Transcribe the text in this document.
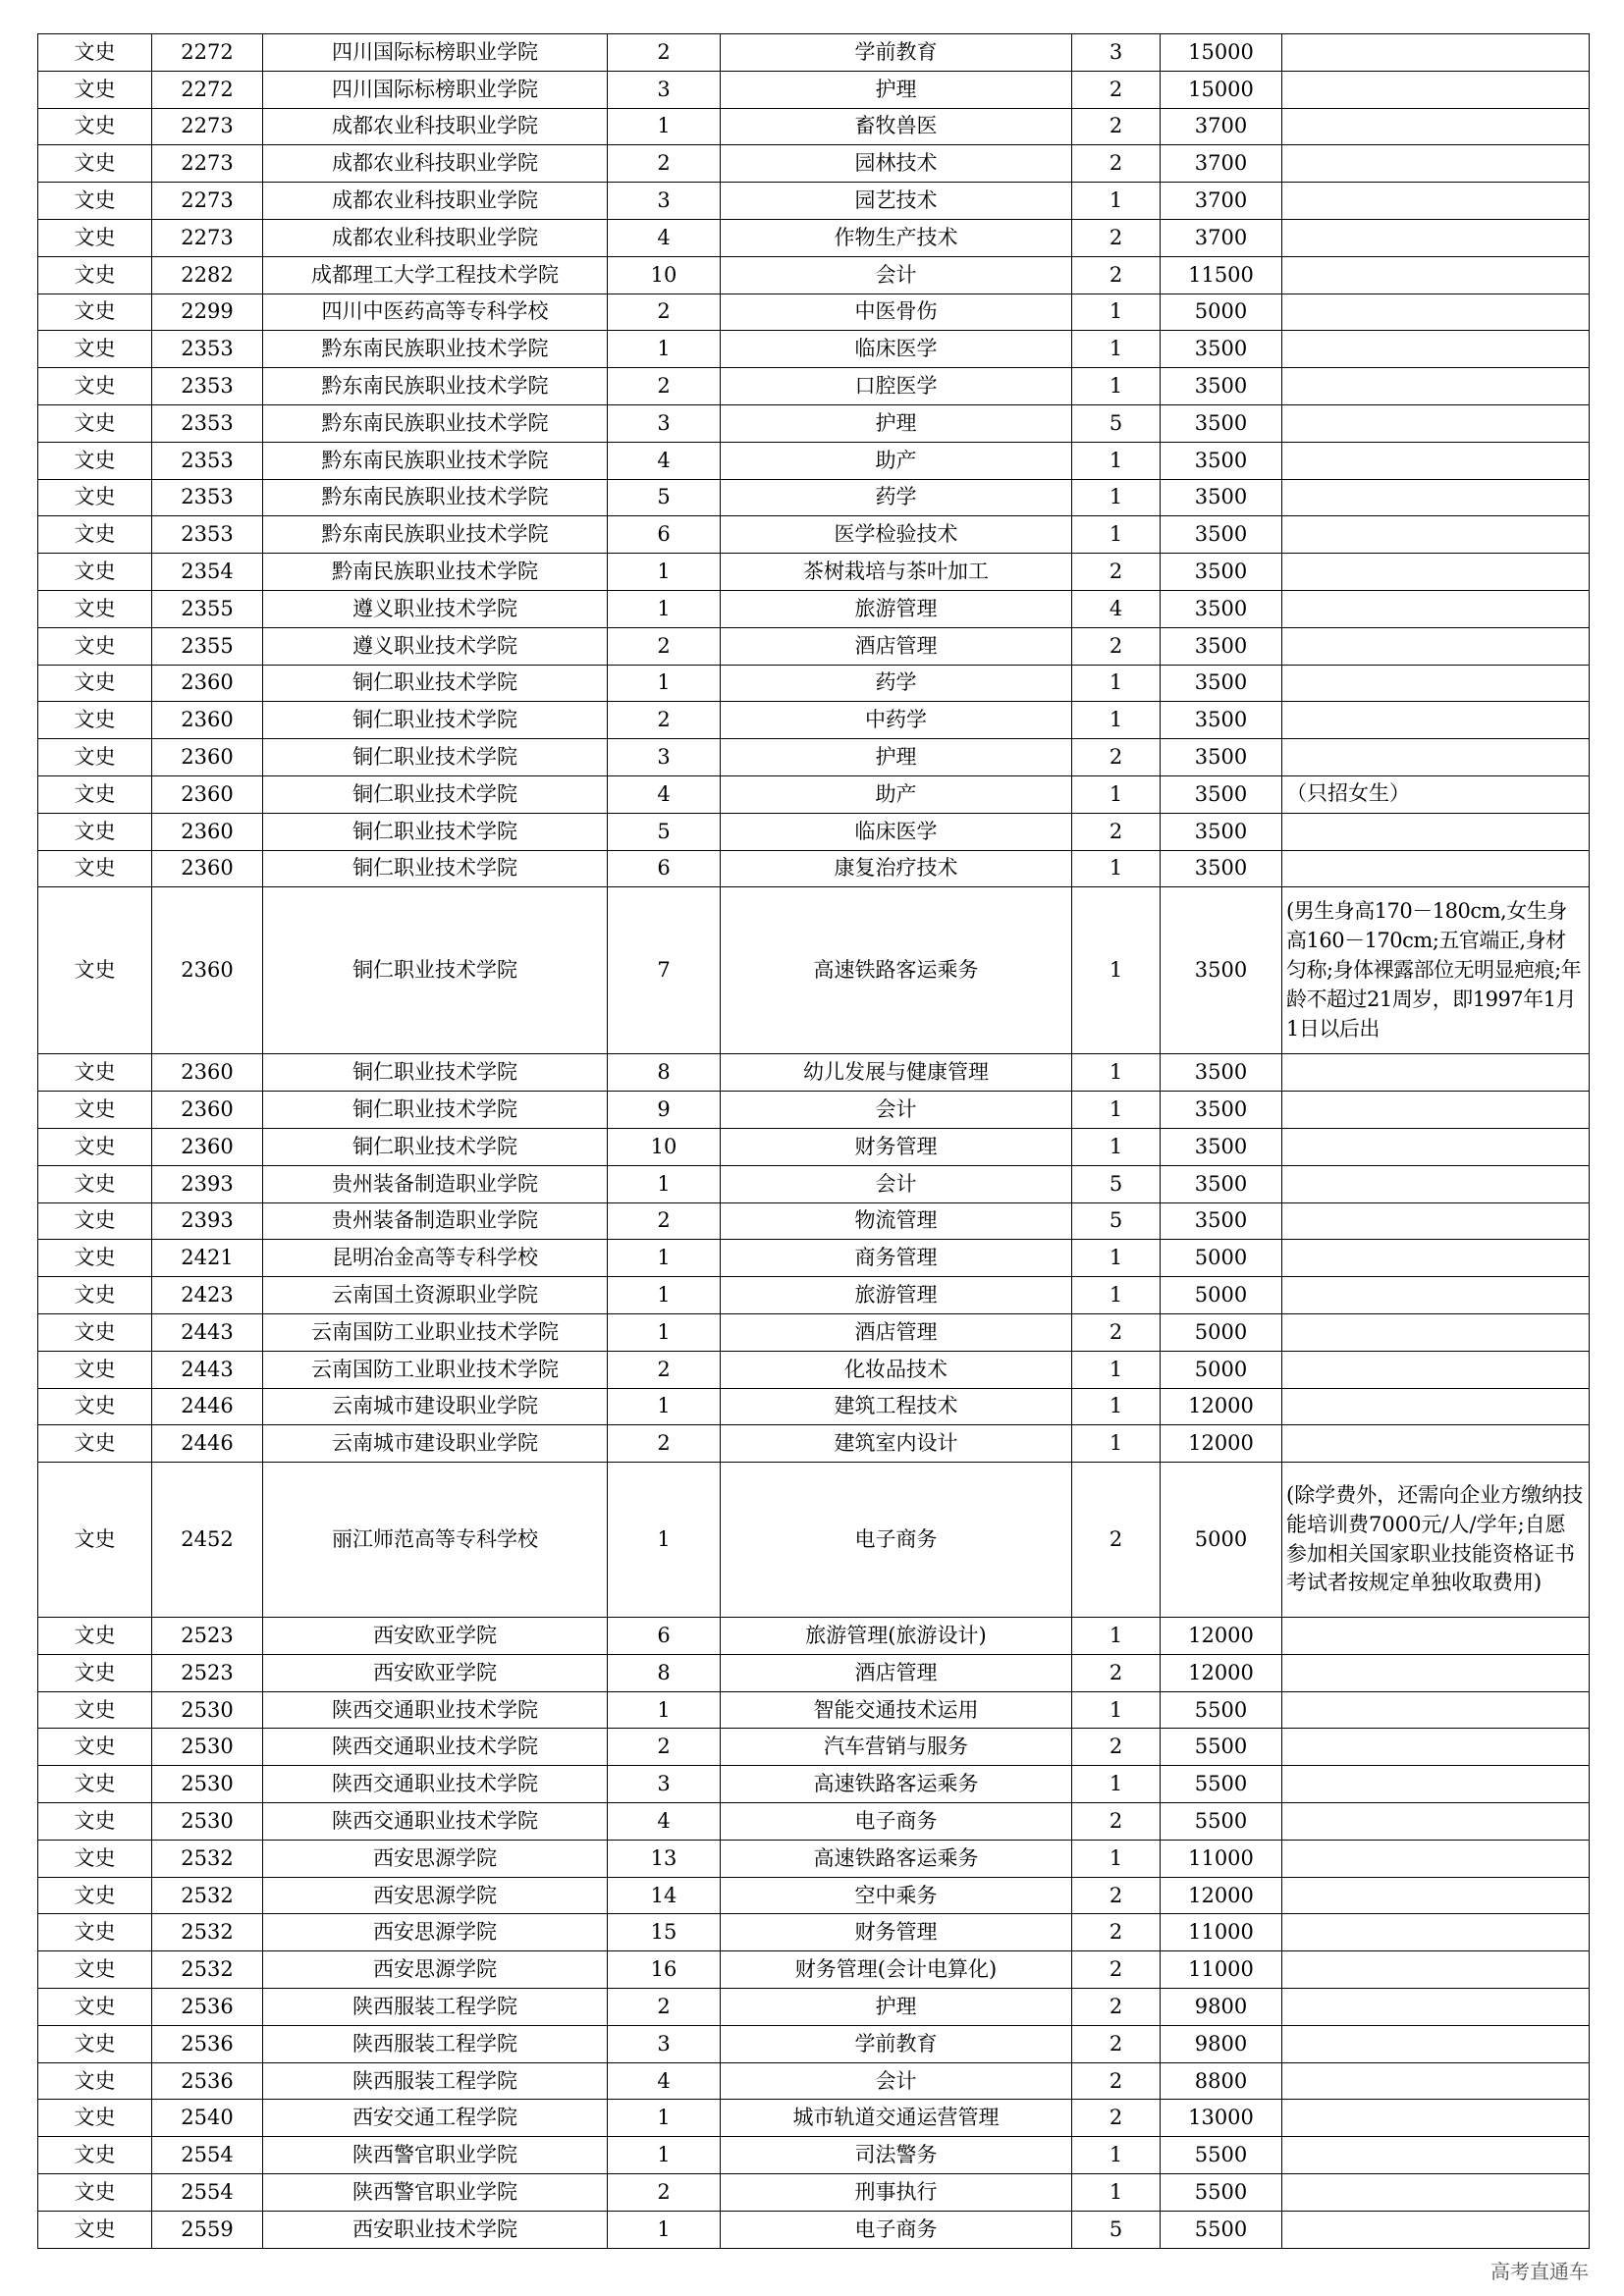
文史	2272	四川国际标榜职业学院	2	学前教育	3	15000	
文史	2272	四川国际标榜职业学院	3	护理	2	15000	
文史	2273	成都农业科技职业学院	1	畜牧兽医	2	3700	
文史	2273	成都农业科技职业学院	2	园林技术	2	3700	
文史	2273	成都农业科技职业学院	3	园艺技术	1	3700	
文史	2273	成都农业科技职业学院	4	作物生产技术	2	3700	
文史	2282	成都理工大学工程技术学院	10	会计	2	11500	
文史	2299	四川中医药高等专科学校	2	中医骨伤	1	5000	
文史	2353	黔东南民族职业技术学院	1	临床医学	1	3500	
文史	2353	黔东南民族职业技术学院	2	口腔医学	1	3500	
文史	2353	黔东南民族职业技术学院	3	护理	5	3500	
文史	2353	黔东南民族职业技术学院	4	助产	1	3500	
文史	2353	黔东南民族职业技术学院	5	药学	1	3500	
文史	2353	黔东南民族职业技术学院	6	医学检验技术	1	3500	
文史	2354	黔南民族职业技术学院	1	茶树栽培与茶叶加工	2	3500	
文史	2355	遵义职业技术学院	1	旅游管理	4	3500	
文史	2355	遵义职业技术学院	2	酒店管理	2	3500	
文史	2360	铜仁职业技术学院	1	药学	1	3500	
文史	2360	铜仁职业技术学院	2	中药学	1	3500	
文史	2360	铜仁职业技术学院	3	护理	2	3500	
文史	2360	铜仁职业技术学院	4	助产	1	3500	（只招女生）
文史	2360	铜仁职业技术学院	5	临床医学	2	3500	
文史	2360	铜仁职业技术学院	6	康复治疗技术	1	3500	
文史	2360	铜仁职业技术学院	7	高速铁路客运乘务	1	3500	(男生身高170－180cm,女生身高160－170cm;五官端正,身材匀称;身体裸露部位无明显疤痕;年龄不超过21周岁，即1997年1月1日以后出
文史	2360	铜仁职业技术学院	8	幼儿发展与健康管理	1	3500	
文史	2360	铜仁职业技术学院	9	会计	1	3500	
文史	2360	铜仁职业技术学院	10	财务管理	1	3500	
文史	2393	贵州装备制造职业学院	1	会计	5	3500	
文史	2393	贵州装备制造职业学院	2	物流管理	5	3500	
文史	2421	昆明冶金高等专科学校	1	商务管理	1	5000	
文史	2423	云南国土资源职业学院	1	旅游管理	1	5000	
文史	2443	云南国防工业职业技术学院	1	酒店管理	2	5000	
文史	2443	云南国防工业职业技术学院	2	化妆品技术	1	5000	
文史	2446	云南城市建设职业学院	1	建筑工程技术	1	12000	
文史	2446	云南城市建设职业学院	2	建筑室内设计	1	12000	
文史	2452	丽江师范高等专科学校	1	电子商务	2	5000	(除学费外，还需向企业方缴纳技能培训费7000元/人/学年;自愿参加相关国家职业技能资格证书考试者按规定单独收取费用)
文史	2523	西安欧亚学院	6	旅游管理(旅游设计)	1	12000	
文史	2523	西安欧亚学院	8	酒店管理	2	12000	
文史	2530	陕西交通职业技术学院	1	智能交通技术运用	1	5500	
文史	2530	陕西交通职业技术学院	2	汽车营销与服务	2	5500	
文史	2530	陕西交通职业技术学院	3	高速铁路客运乘务	1	5500	
文史	2530	陕西交通职业技术学院	4	电子商务	2	5500	
文史	2532	西安思源学院	13	高速铁路客运乘务	1	11000	
文史	2532	西安思源学院	14	空中乘务	2	12000	
文史	2532	西安思源学院	15	财务管理	2	11000	
文史	2532	西安思源学院	16	财务管理(会计电算化)	2	11000	
文史	2536	陕西服装工程学院	2	护理	2	9800	
文史	2536	陕西服装工程学院	3	学前教育	2	9800	
文史	2536	陕西服装工程学院	4	会计	2	8800	
文史	2540	西安交通工程学院	1	城市轨道交通运营管理	2	13000	
文史	2554	陕西警官职业学院	1	司法警务	1	5500	
文史	2554	陕西警官职业学院	2	刑事执行	1	5500	
文史	2559	西安职业技术学院	1	电子商务	5	5500	
高考直通车
